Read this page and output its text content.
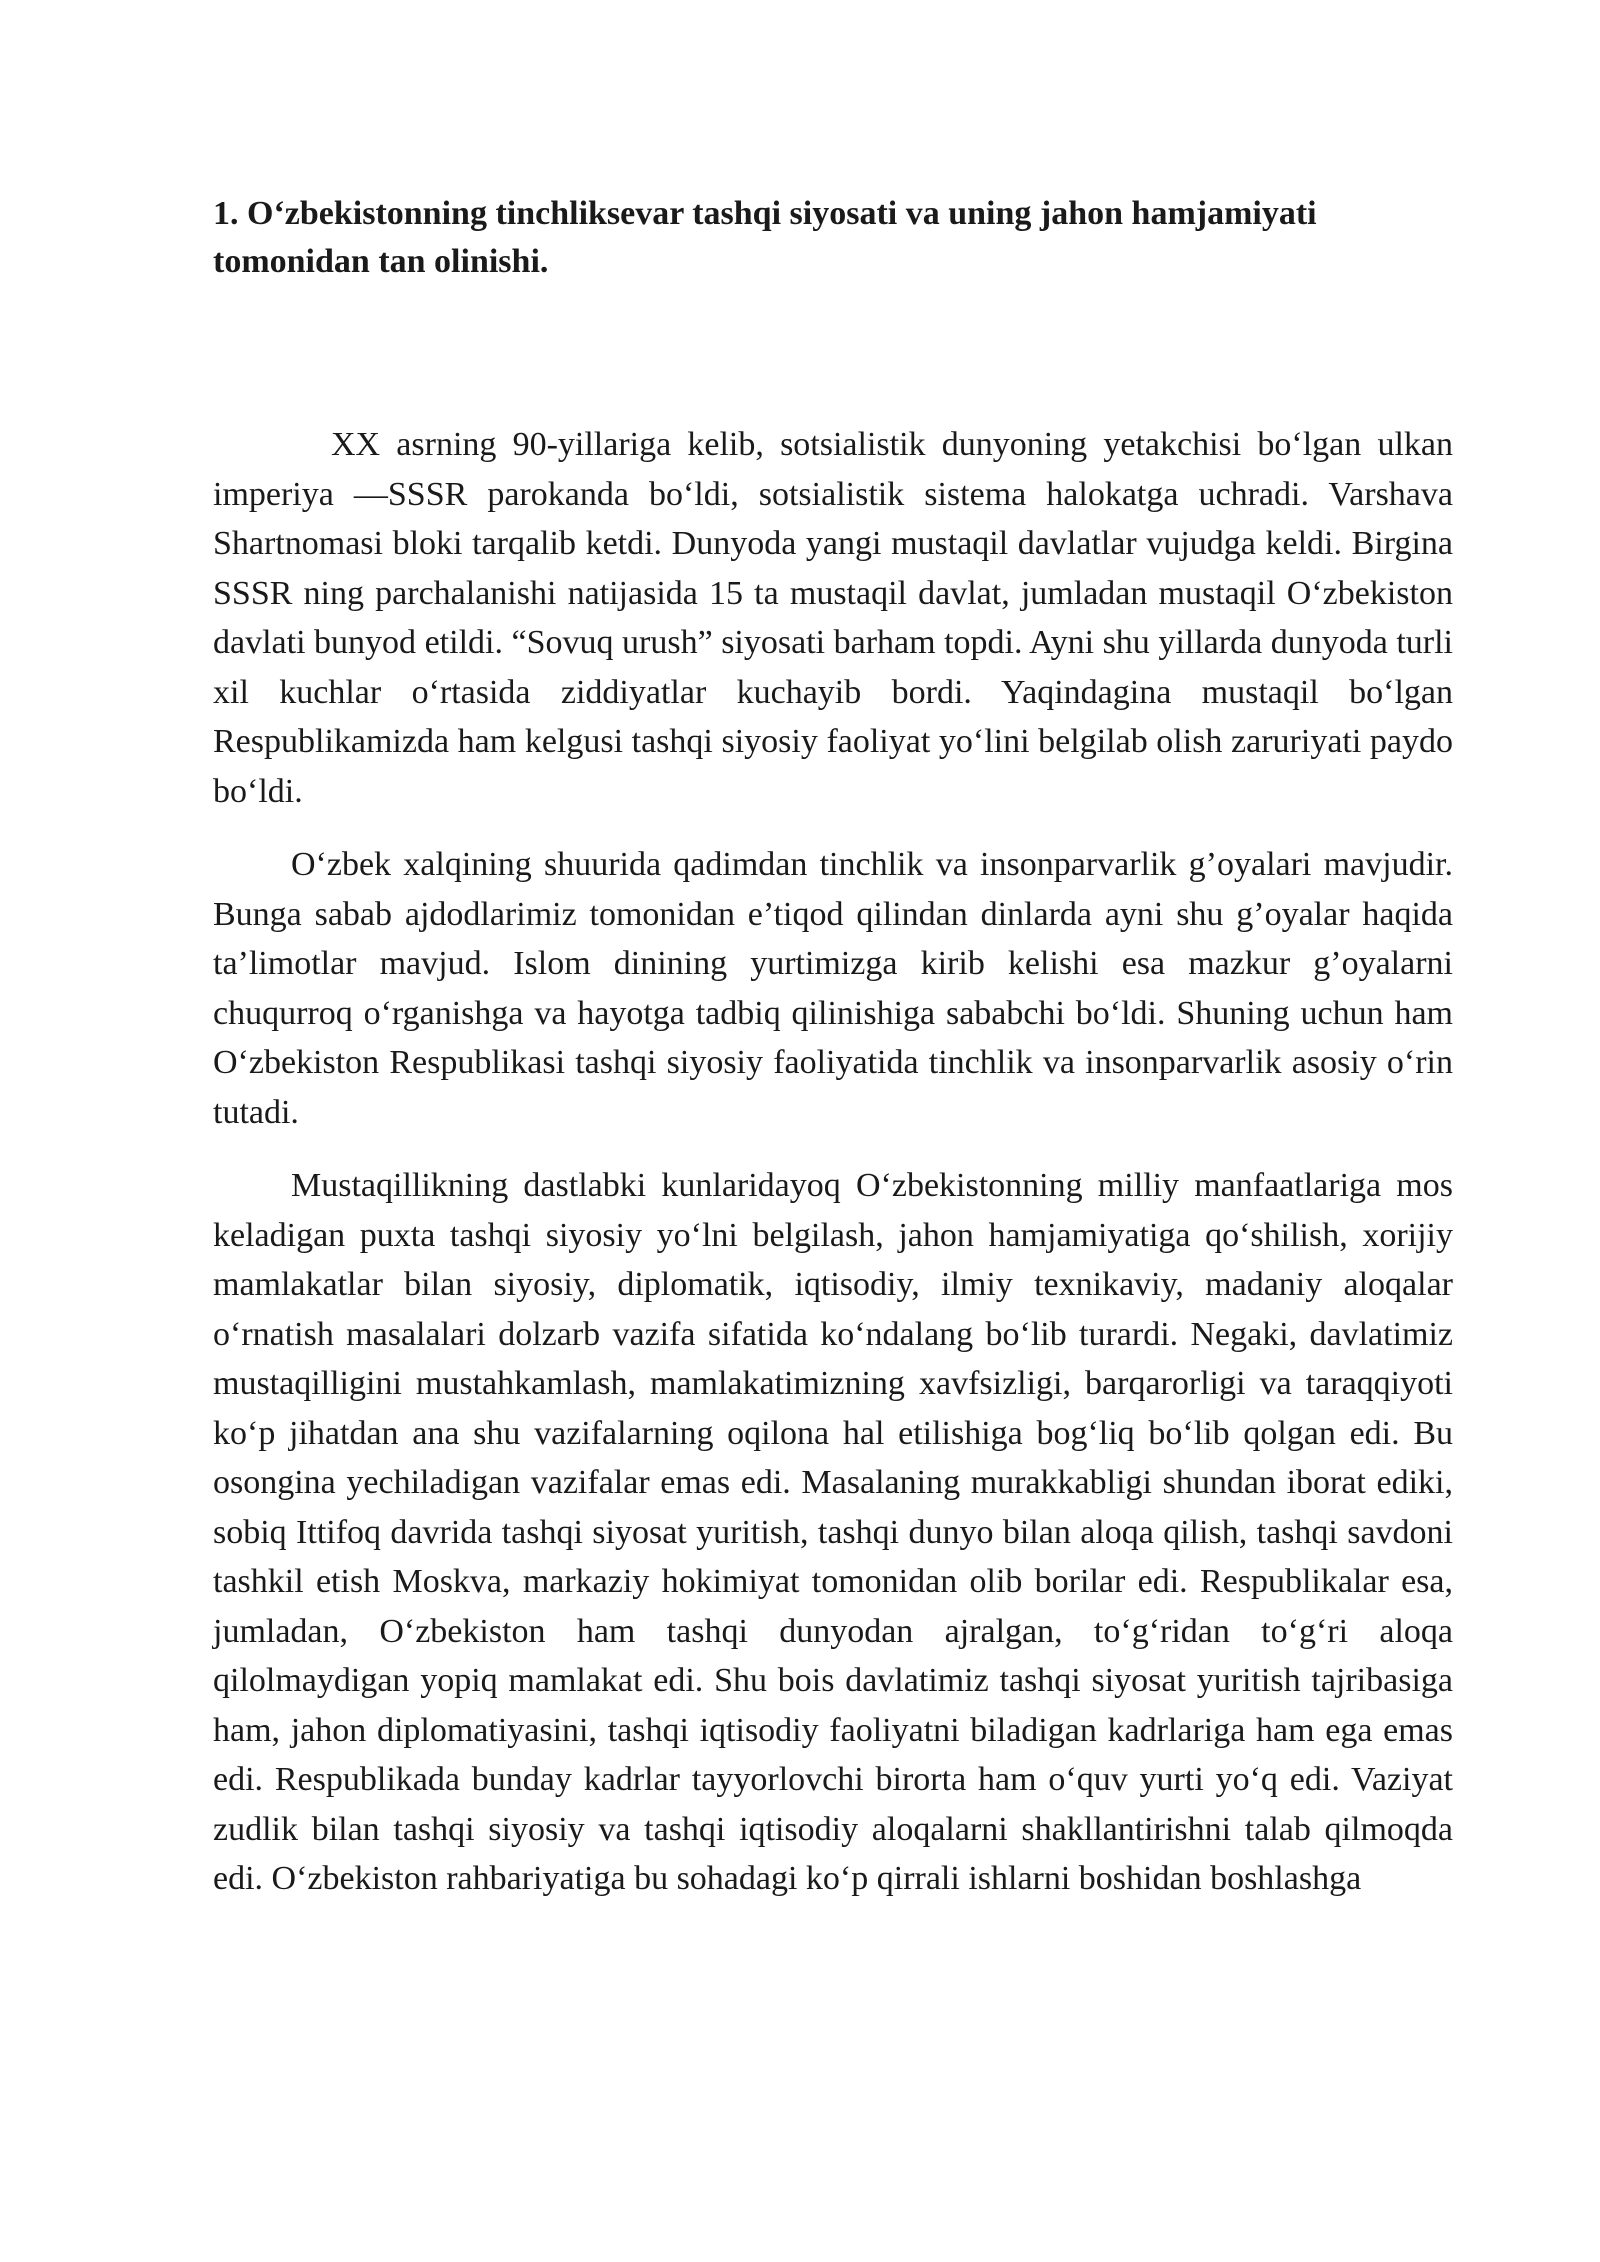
1. O‘zbekistonning tinchliksevar tashqi siyosati va uning jahon hamjamiyati tomonidan tan olinishi.

XX asrning 90-yillariga kelib, sotsialistik dunyoning yetakchisi bo‘lgan ulkan imperiya —SSSR parokanda bo‘ldi, sotsialistik sistema halokatga uchradi. Varshava Shartnomasi bloki tarqalib ketdi. Dunyoda yangi mustaqil davlatlar vujudga keldi. Birgina SSSR ning parchalanishi natijasida 15 ta mustaqil davlat, jumladan mustaqil O‘zbekiston davlati bunyod etildi. “Sovuq urush” siyosati barham topdi. Ayni shu yillarda dunyoda turli xil kuchlar o‘rtasida ziddiyatlar kuchayib bordi. Yaqindagina mustaqil bo‘lgan Respublikamizda ham kelgusi tashqi siyosiy faoliyat yo‘lini belgilab olish zaruriyati paydo bo‘ldi.

O‘zbek xalqining shuurida qadimdan tinchlik va insonparvarlik g’oyalari mavjudir. Bunga sabab ajdodlarimiz tomonidan e’tiqod qilindan dinlarda ayni shu g’oyalar haqida ta’limotlar mavjud. Islom dinining yurtimizga kirib kelishi esa mazkur g’oyalarni chuqurroq o‘rganishga va hayotga tadbiq qilinishiga sababchi bo‘ldi. Shuning uchun ham O‘zbekiston Respublikasi tashqi siyosiy faoliyatida tinchlik va insonparvarlik asosiy o‘rin tutadi.

Mustaqillikning dastlabki kunlaridayoq O‘zbekistonning milliy manfaatlariga mos keladigan puxta tashqi siyosiy yo‘lni belgilash, jahon hamjamiyatiga qo‘shilish, xorijiy mamlakatlar bilan siyosiy, diplomatik, iqtisodiy, ilmiy texnikaviy, madaniy aloqalar o‘rnatish masalalari dolzarb vazifa sifatida ko‘ndalang bo‘lib turardi. Negaki, davlatimiz mustaqilligini mustahkamlash, mamlakatimizning xavfsizligi, barqarorligi va taraqqiyoti ko‘p jihatdan ana shu vazifalarning oqilona hal etilishiga bog‘liq bo‘lib qolgan edi. Bu osongina yechiladigan vazifalar emas edi. Masalaning murakkabligi shundan iborat ediki, sobiq Ittifoq davrida tashqi siyosat yuritish, tashqi dunyo bilan aloqa qilish, tashqi savdoni tashkil etish Moskva, markaziy hokimiyat tomonidan olib borilar edi. Respublikalar esa, jumladan, O‘zbekiston ham tashqi dunyodan ajralgan, to‘g‘ridan to‘g‘ri aloqa qilolmaydigan yopiq mamlakat edi. Shu bois davlatimiz tashqi siyosat yuritish tajribasiga ham, jahon diplomatiyasini, tashqi iqtisodiy faoliyatni biladigan kadrlariga ham ega emas edi. Respublikada bunday kadrlar tayyorlovchi birorta ham o‘quv yurti yo‘q edi. Vaziyat zudlik bilan tashqi siyosiy va tashqi iqtisodiy aloqalarni shakllantirishni talab qilmoqda edi. O‘zbekiston rahbariyatiga bu sohadagi ko‘p qirrali ishlarni boshidan boshlashga
